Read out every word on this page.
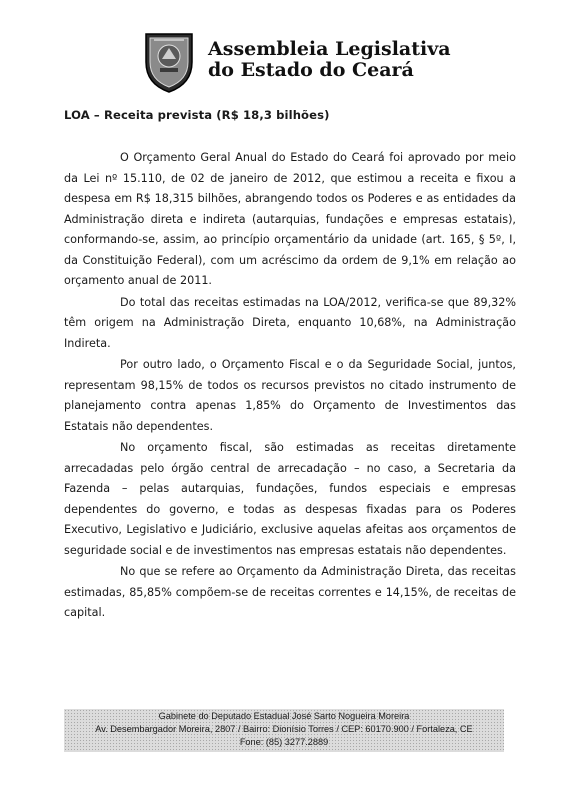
Assembleia Legislativa
do Estado do Ceará
LOA – Receita prevista (R$ 18,3 bilhões)

O Orçamento Geral Anual do Estado do Ceará foi aprovado por meio da Lei nº 15.110, de 02 de janeiro de 2012, que estimou a receita e fixou a despesa em R$ 18,315 bilhões, abrangendo todos os Poderes e as entidades da Administração direta e indireta (autarquias, fundações e empresas estatais), conformando-se, assim, ao princípio orçamentário da unidade (art. 165, § 5º, I, da Constituição Federal), com um acréscimo da ordem de 9,1% em relação ao orçamento anual de 2011.

Do total das receitas estimadas na LOA/2012, verifica-se que 89,32% têm origem na Administração Direta, enquanto 10,68%, na Administração Indireta.

Por outro lado, o Orçamento Fiscal e o da Seguridade Social, juntos, representam 98,15% de todos os recursos previstos no citado instrumento de planejamento contra apenas 1,85% do Orçamento de Investimentos das Estatais não dependentes.

No orçamento fiscal, são estimadas as receitas diretamente arrecadadas pelo órgão central de arrecadação – no caso, a Secretaria da Fazenda – pelas autarquias, fundações, fundos especiais e empresas dependentes do governo, e todas as despesas fixadas para os Poderes Executivo, Legislativo e Judiciário, exclusive aquelas afeitas aos orçamentos de seguridade social e de investimentos nas empresas estatais não dependentes.

No que se refere ao Orçamento da Administração Direta, das receitas estimadas, 85,85% compõem-se de receitas correntes e 14,15%, de receitas de capital.

Gabinete do Deputado Estadual José Sarto Nogueira Moreira
Av. Desembargador Moreira, 2807 / Bairro: Dionísio Torres / CEP: 60170.900 / Fortaleza, CE
Fone: (85) 3277.2889
